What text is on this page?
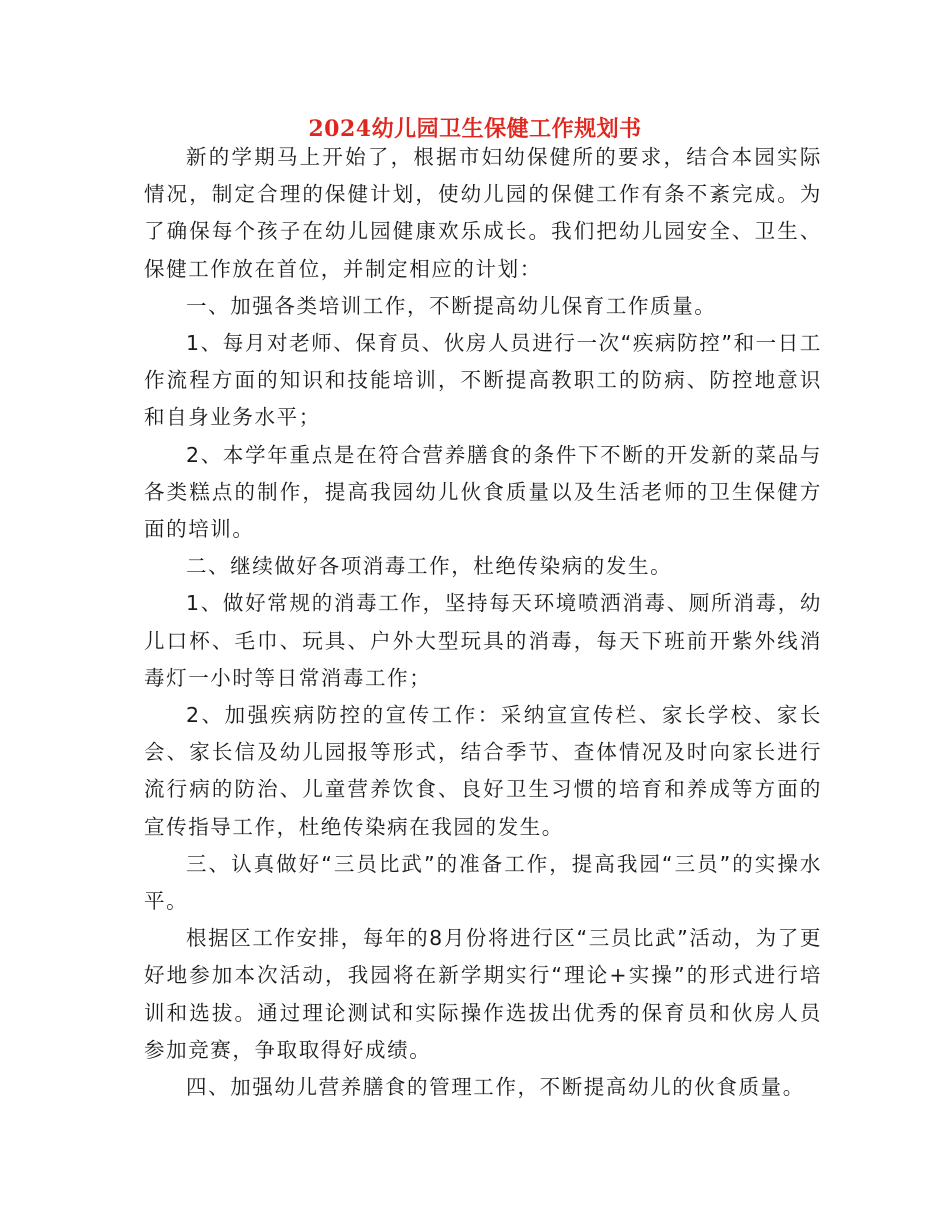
2024幼儿园卫生保健工作规划书

新的学期马上开始了，根据市妇幼保健所的要求，结合本园实际情况，制定合理的保健计划，使幼儿园的保健工作有条不紊完成。为了确保每个孩子在幼儿园健康欢乐成长。我们把幼儿园安全、卫生、保健工作放在首位，并制定相应的计划：

一、加强各类培训工作，不断提高幼儿保育工作质量。

1、每月对老师、保育员、伙房人员进行一次“疾病防控”和一日工作流程方面的知识和技能培训，不断提高教职工的防病、防控地意识和自身业务水平；

2、本学年重点是在符合营养膳食的条件下不断的开发新的菜品与各类糕点的制作，提高我园幼儿伙食质量以及生活老师的卫生保健方面的培训。

二、继续做好各项消毒工作，杜绝传染病的发生。

1、做好常规的消毒工作，坚持每天环境喷洒消毒、厕所消毒，幼儿口杯、毛巾、玩具、户外大型玩具的消毒，每天下班前开紫外线消毒灯一小时等日常消毒工作；

2、加强疾病防控的宣传工作：采纳宣宣传栏、家长学校、家长会、家长信及幼儿园报等形式，结合季节、查体情况及时向家长进行流行病的防治、儿童营养饮食、良好卫生习惯的培育和养成等方面的宣传指导工作，杜绝传染病在我园的发生。

三、认真做好“三员比武”的准备工作，提高我园“三员”的实操水平。

根据区工作安排，每年的8月份将进行区“三员比武”活动，为了更好地参加本次活动，我园将在新学期实行“理论+实操”的形式进行培训和选拔。通过理论测试和实际操作选拔出优秀的保育员和伙房人员参加竞赛，争取取得好成绩。

四、加强幼儿营养膳食的管理工作，不断提高幼儿的伙食质量。
